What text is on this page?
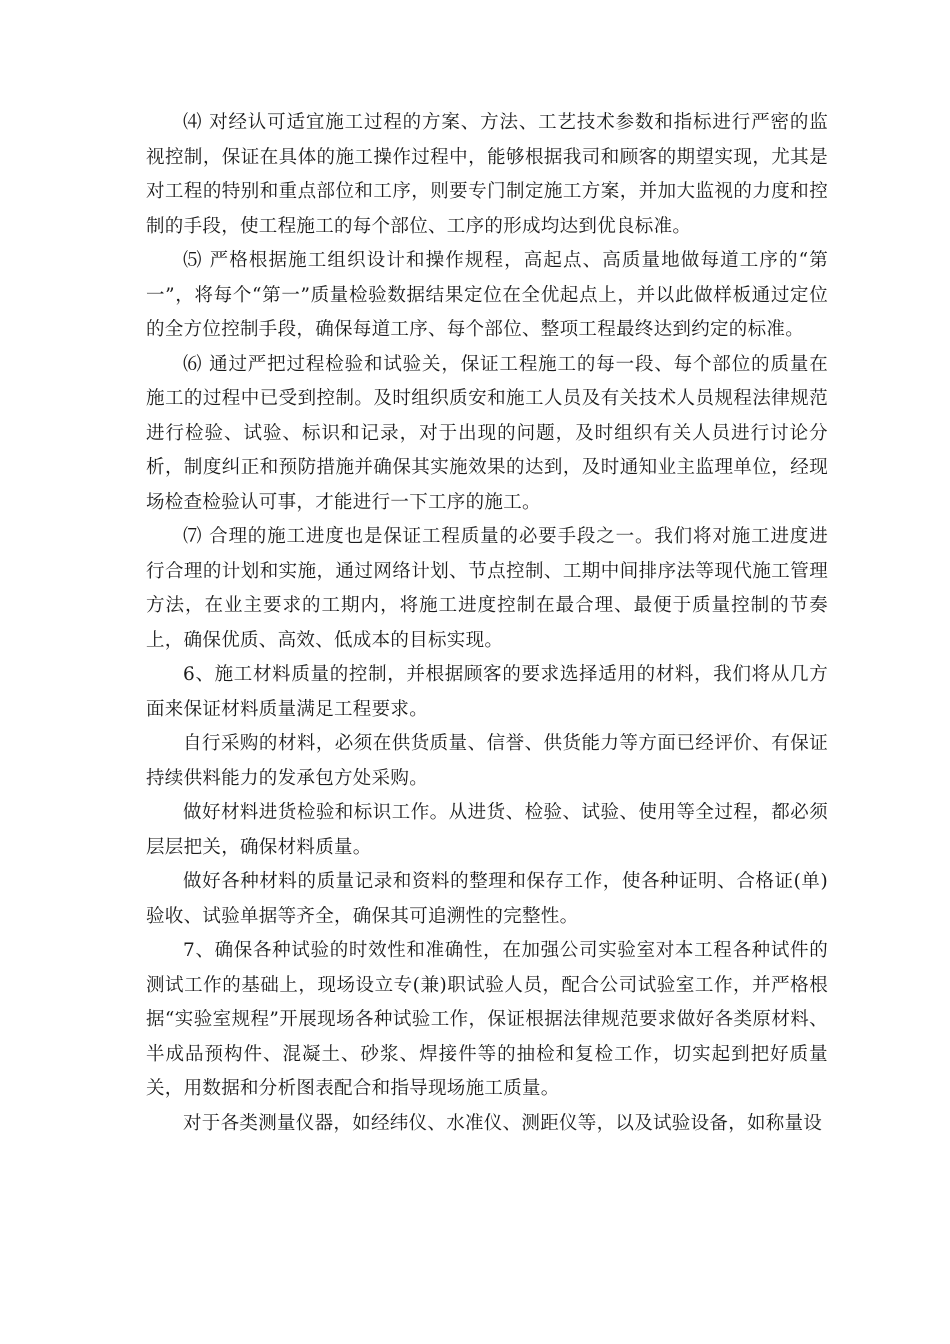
⑷ 对经认可适宜施工过程的方案、方法、工艺技术参数和指标进行严密的监视控制，保证在具体的施工操作过程中，能够根据我司和顾客的期望实现，尤其是对工程的特别和重点部位和工序，则要专门制定施工方案，并加大监视的力度和控制的手段，使工程施工的每个部位、工序的形成均达到优良标准。

⑸ 严格根据施工组织设计和操作规程，高起点、高质量地做每道工序的“第一”，将每个“第一”质量检验数据结果定位在全优起点上，并以此做样板通过定位的全方位控制手段，确保每道工序、每个部位、整项工程最终达到约定的标准。

⑹ 通过严把过程检验和试验关，保证工程施工的每一段、每个部位的质量在施工的过程中已受到控制。及时组织质安和施工人员及有关技术人员规程法律规范进行检验、试验、标识和记录，对于出现的问题，及时组织有关人员进行讨论分析，制度纠正和预防措施并确保其实施效果的达到，及时通知业主监理单位，经现场检查检验认可事，才能进行一下工序的施工。

⑺ 合理的施工进度也是保证工程质量的必要手段之一。我们将对施工进度进行合理的计划和实施，通过网络计划、节点控制、工期中间排序法等现代施工管理方法，在业主要求的工期内，将施工进度控制在最合理、最便于质量控制的节奏上，确保优质、高效、低成本的目标实现。

6、施工材料质量的控制，并根据顾客的要求选择适用的材料，我们将从几方面来保证材料质量满足工程要求。

自行采购的材料，必须在供货质量、信誉、供货能力等方面已经评价、有保证持续供料能力的发承包方处采购。

做好材料进货检验和标识工作。从进货、检验、试验、使用等全过程，都必须层层把关，确保材料质量。

做好各种材料的质量记录和资料的整理和保存工作，使各种证明、合格证(单)验收、试验单据等齐全，确保其可追溯性的完整性。

7、确保各种试验的时效性和准确性，在加强公司实验室对本工程各种试件的测试工作的基础上，现场设立专(兼)职试验人员，配合公司试验室工作，并严格根据“实验室规程”开展现场各种试验工作，保证根据法律规范要求做好各类原材料、半成品预构件、混凝土、砂浆、焊接件等的抽检和复检工作，切实起到把好质量关，用数据和分析图表配合和指导现场施工质量。

对于各类测量仪器，如经纬仪、水准仪、测距仪等，以及试验设备，如称量设
